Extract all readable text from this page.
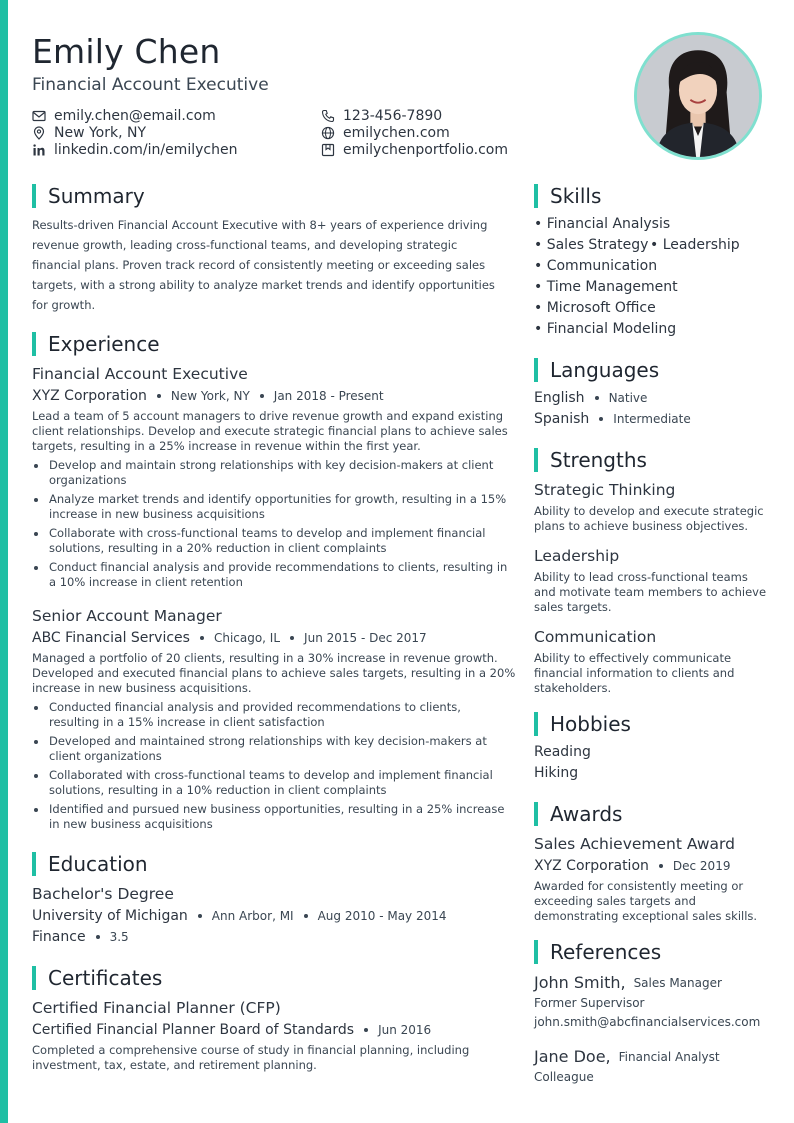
Emily Chen
Financial Account Executive
emily.chen@email.com	123-456-7890
New York, NY	emilychen.com
linkedin.com/in/emilychen	emilychenportfolio.com
Summary
Results-driven Financial Account Executive with 8+ years of experience driving
revenue growth, leading cross-functional teams, and developing strategic
financial plans. Proven track record of consistently meeting or exceeding sales
targets, with a strong ability to analyze market trends and identify opportunities
for growth.
Experience
Financial Account Executive
XYZ Corporation New York, NY Jan 2018 - Present
Lead a team of 5 account managers to drive revenue growth and expand existing
client relationships. Develop and execute strategic financial plans to achieve sales
targets, resulting in a 25% increase in revenue within the first year.
Develop and maintain strong relationships with key decision-makers at client
organizations
Analyze market trends and identify opportunities for growth, resulting in a 15%
increase in new business acquisitions
Collaborate with cross-functional teams to develop and implement financial
solutions, resulting in a 20% reduction in client complaints
Conduct financial analysis and provide recommendations to clients, resulting in
a 10% increase in client retention
Senior Account Manager
ABC Financial Services Chicago, IL Jun 2015 - Dec 2017
Managed a portfolio of 20 clients, resulting in a 30% increase in revenue growth.
Developed and executed financial plans to achieve sales targets, resulting in a 20%
increase in new business acquisitions.
Conducted financial analysis and provided recommendations to clients,
resulting in a 15% increase in client satisfaction
Developed and maintained strong relationships with key decision-makers at
client organizations
Collaborated with cross-functional teams to develop and implement financial
solutions, resulting in a 10% reduction in client complaints
Identified and pursued new business opportunities, resulting in a 25% increase
in new business acquisitions
Education
Bachelor's Degree
University of Michigan Ann Arbor, MI Aug 2010 - May 2014
Finance 3.5
Certificates
Certified Financial Planner (CFP)
Certified Financial Planner Board of Standards Jun 2016
Completed a comprehensive course of study in financial planning, including
investment, tax, estate, and retirement planning.
Skills
• Financial Analysis
• Sales Strategy • Leadership
• Communication
• Time Management
• Microsoft Office
• Financial Modeling
Languages
English Native
Spanish Intermediate
Strengths
Strategic Thinking
Ability to develop and execute strategic
plans to achieve business objectives.
Leadership
Ability to lead cross-functional teams
and motivate team members to achieve
sales targets.
Communication
Ability to effectively communicate
financial information to clients and
stakeholders.
Hobbies
Reading
Hiking
Awards
Sales Achievement Award
XYZ Corporation Dec 2019
Awarded for consistently meeting or
exceeding sales targets and
demonstrating exceptional sales skills.
References
John Smith, Sales Manager
Former Supervisor
john.smith@abcfinancialservices.com
Jane Doe, Financial Analyst
Colleague
